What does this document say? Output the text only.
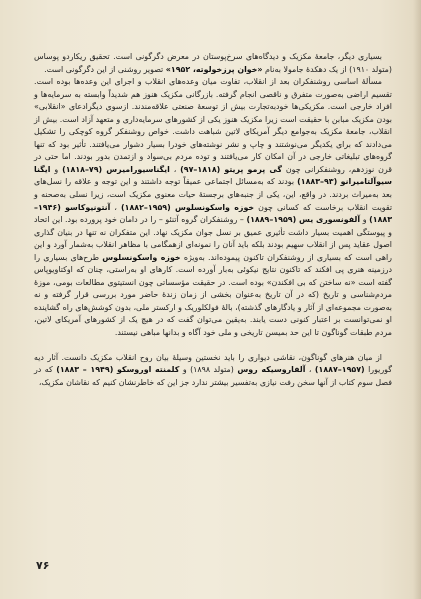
بسیاری دیگر، جامعهٔ مکزیک و دیدگاه‌های سرخ‌پوستان در معرض دگرگونی است. تحقیق ریکاردو پوساس (متولد ۱۹۱۰) از یک دهکدهٔ جامولا به‌نام «خوان پرزخولوته، ۱۹۵۲» تصویر روشنی از این دگرگونی است.

مسألهٔ اساسی روشنفکران بعد از انقلاب، تفاوت میان وعده‌های انقلاب و اجرای این وعده‌ها بوده است. تقسیم اراضی به‌صورت متفرق و ناقصی انجام گرفته. بازرگانی مکزیک هنوز هم شدیداً وابسته به سرمایه‌ها و افراد خارجی است. مکزیکی‌ها خودبه‌تجارت بیش از توسعهٔ صنعتی علاقه‌مندند. ازسوی دیگرادعای «انقلابی» بودن مکزیک مبابن با حقیقت است زیرا مکزیک هنوز یکی از کشورهای سرمایه‌داری و متعهد آزاد است. بیش از انقلاب، جامعهٔ مکزیک به‌جوامع دیگر آمریکای لاتین شباهت داشت. خواص روشنفکر گروه کوچکی را تشکیل می‌دادند که برای یکدیگر می‌نوشتند و چاپ و نشر نوشته‌های خودرا بسیار دشوار می‌یافتند. تأثیر بود که تنها گروه‌های تبلیغاتی خارجی در آن امکان کار می‌یافتند و توده مردم بی‌سواد و ازتمدن بدور بودند. اما حتی در قرن نوزدهم، روشنفکرانی چون گی پرمو پریتو (۱۸۱۸–۹۷) ، ایگناسیورامیرس (۷۹–۱۸۱۸) و ایگنا سیوآلتامیرانو (۹۳–۱۸۸۳) بودند که به‌مسائل اجتماعی عمیقاً توجه داشتند و این توجه و علاقه را نسل‌های بعد به‌میراث بردند. در واقع، این، یکی از جنبه‌های برجستهٔ حیات معنوی مکزیک است، زیرا نسلی به‌صحنه و تقویت انقلاب برخاست که کسانی چون خوزه واسکونسلوس (۱۹۵۹–۱۸۸۲) ، آنتونیوکاسو (۱۹۴۶–۱۸۸۳) و آلفونسوری یس (۱۹۵۹–۱۸۸۹) – روشنفکران گروه آتنئو – را در دامان خود پرورده بود. این اتحاد و پیوستگی اهمیت بسیار داشت تأثیری عمیق بر نسل جوان مکزیک نهاد. این متفکران نه تنها در بنیان گذاری اصول عقاید پس از انقلاب سهیم بودند بلکه باید آنان را نمونه‌ای ازهمگامی با مظاهر انقلاب به‌شمار آورد و این راهی است که بسیاری از روشنفکران تاکنون پیموده‌اند. به‌ویژه خوزه واسکونسلوس طرح‌های بسیاری را درزمینه هنری پی افکند که تاکنون نتایج نیکوئی به‌بار آورده است. کارهای او به‌راستی، چنان که اوکتاویوپاس گفته است «نه ساختن که بی افکندن» بوده است. در حقیقت مؤسساتی چون انستیتوی مطالعات بومی، موزهٔ مردم‌شناسی و تاریخ (که در آن تاریخ به‌عنوان بخشی از زمان زندهٔ حاضر مورد بررسی قرار گرفته و نه به‌صورت مجموعه‌ای از آثار و یادگارهای گذشته)، بالهٔ فولکلوریک و ارکستر ملی، بدون کوشش‌های راه گشاینده او نمی‌توانست بر اعتبار کنونی دست یابند. به‌یقین می‌توان گفت که در هیچ یک از کشورهای آمریکای لاتین، مردم طبقات گوناگون تا این حد بمیسن تاریخی و ملی خود آگاه و بدانها مباهی نیستند.

از میان هنرهای گوناگون، نقاشی دیواری را باید نخستین وسیلهٔ بیان روح انقلاب مکزیک دانست. آثار دیه گوریورا (۱۹۵۷–۱۸۸۷) ، آلفاروسیکه روس (متولد ۱۸۹۸) و کلمنته اوروسکو (۱۹۴۹ – ۱۸۸۳) که در فصل سوم کتاب از آنها سخن رفت نیازی به‌تفسیر بیشتر ندارد جز این که خاطرنشان کنیم که نقاشان مکزیک،

۷۶
